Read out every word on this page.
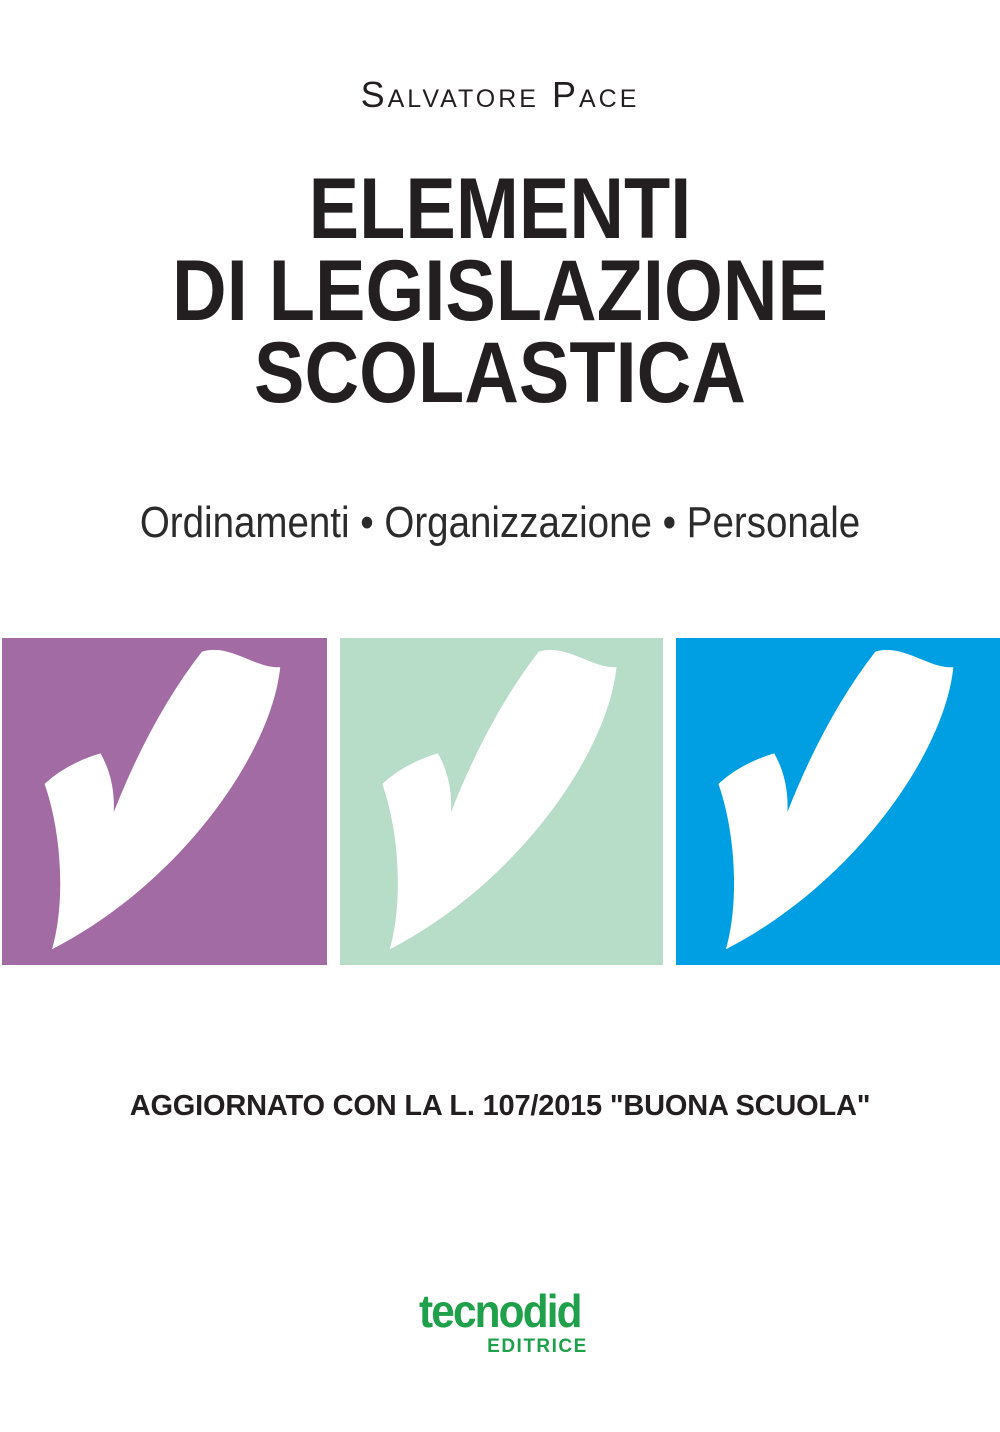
Salvatore Pace
ELEMENTI
DI LEGISLAZIONE
SCOLASTICA
Ordinamenti • Organizzazione • Personale
AGGIORNATO CON LA L. 107/2015 "BUONA SCUOLA"
tecnodid
EDITRICE
